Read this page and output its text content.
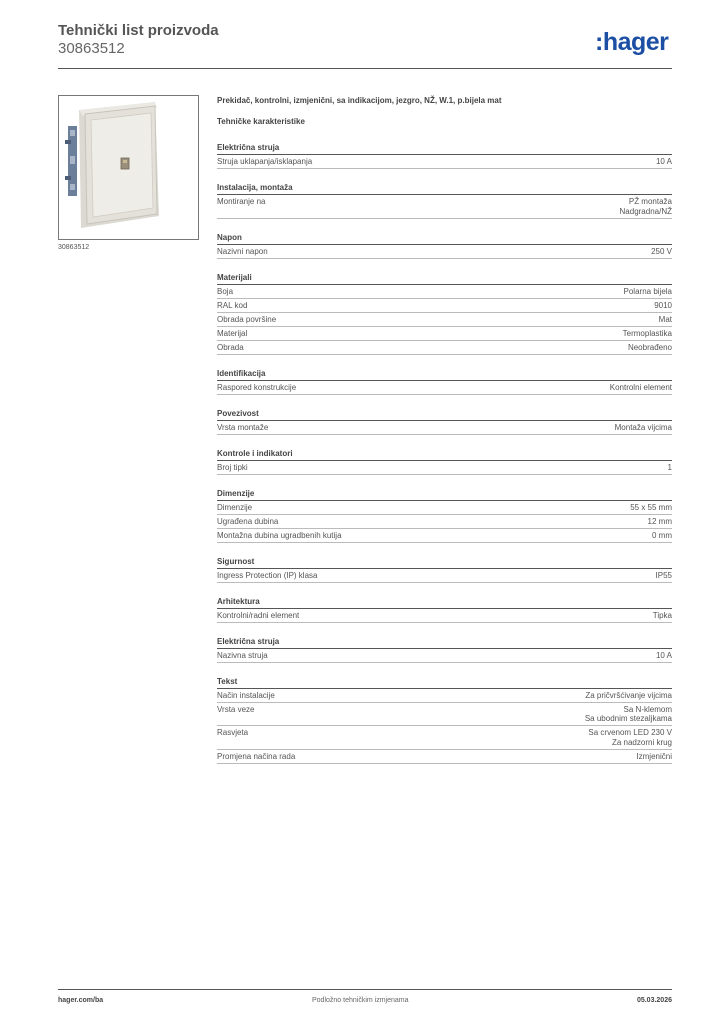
Tehnički list proizvoda
30863512	:hager
30863512
Prekidač, kontrolni, izmjenični, sa indikacijom, jezgro, NŽ, W.1, p.bijela mat
Tehničke karakteristike
Električna struja
Struja uklapanja/isklapanja	10 A
Instalacija, montaža
Montiranje na	PŽ montaža
Nadgradna/NŽ
Napon
Nazivni napon	250 V
Materijali
Boja	Polarna bijela
RAL kod	9010
Obrada površine	Mat
Materijal	Termoplastika
Obrada	Neobrađeno
Identifikacija
Raspored konstrukcije	Kontrolni element
Povezivost
Vrsta montaže	Montaža vijcima
Kontrole i indikatori
Broj tipki	1
Dimenzije
Dimenzije	55 x 55 mm
Ugrađena dubina	12 mm
Montažna dubina ugradbenih kutija	0 mm
Sigurnost
Ingress Protection (IP) klasa	IP55
Arhitektura
Kontrolni/radni element	Tipka
Električna struja
Nazivna struja	10 A
Tekst
Način instalacije	Za pričvršćivanje vijcima
Vrsta veze	Sa N-klemom
Sa ubodnim stezaljkama
Rasvjeta	Sa crvenom LED 230 V
Za nadzorni krug
Promjena načina rada	Izmjenični
hager.com/ba	Podložno tehničkim izmjenama	05.03.2026
